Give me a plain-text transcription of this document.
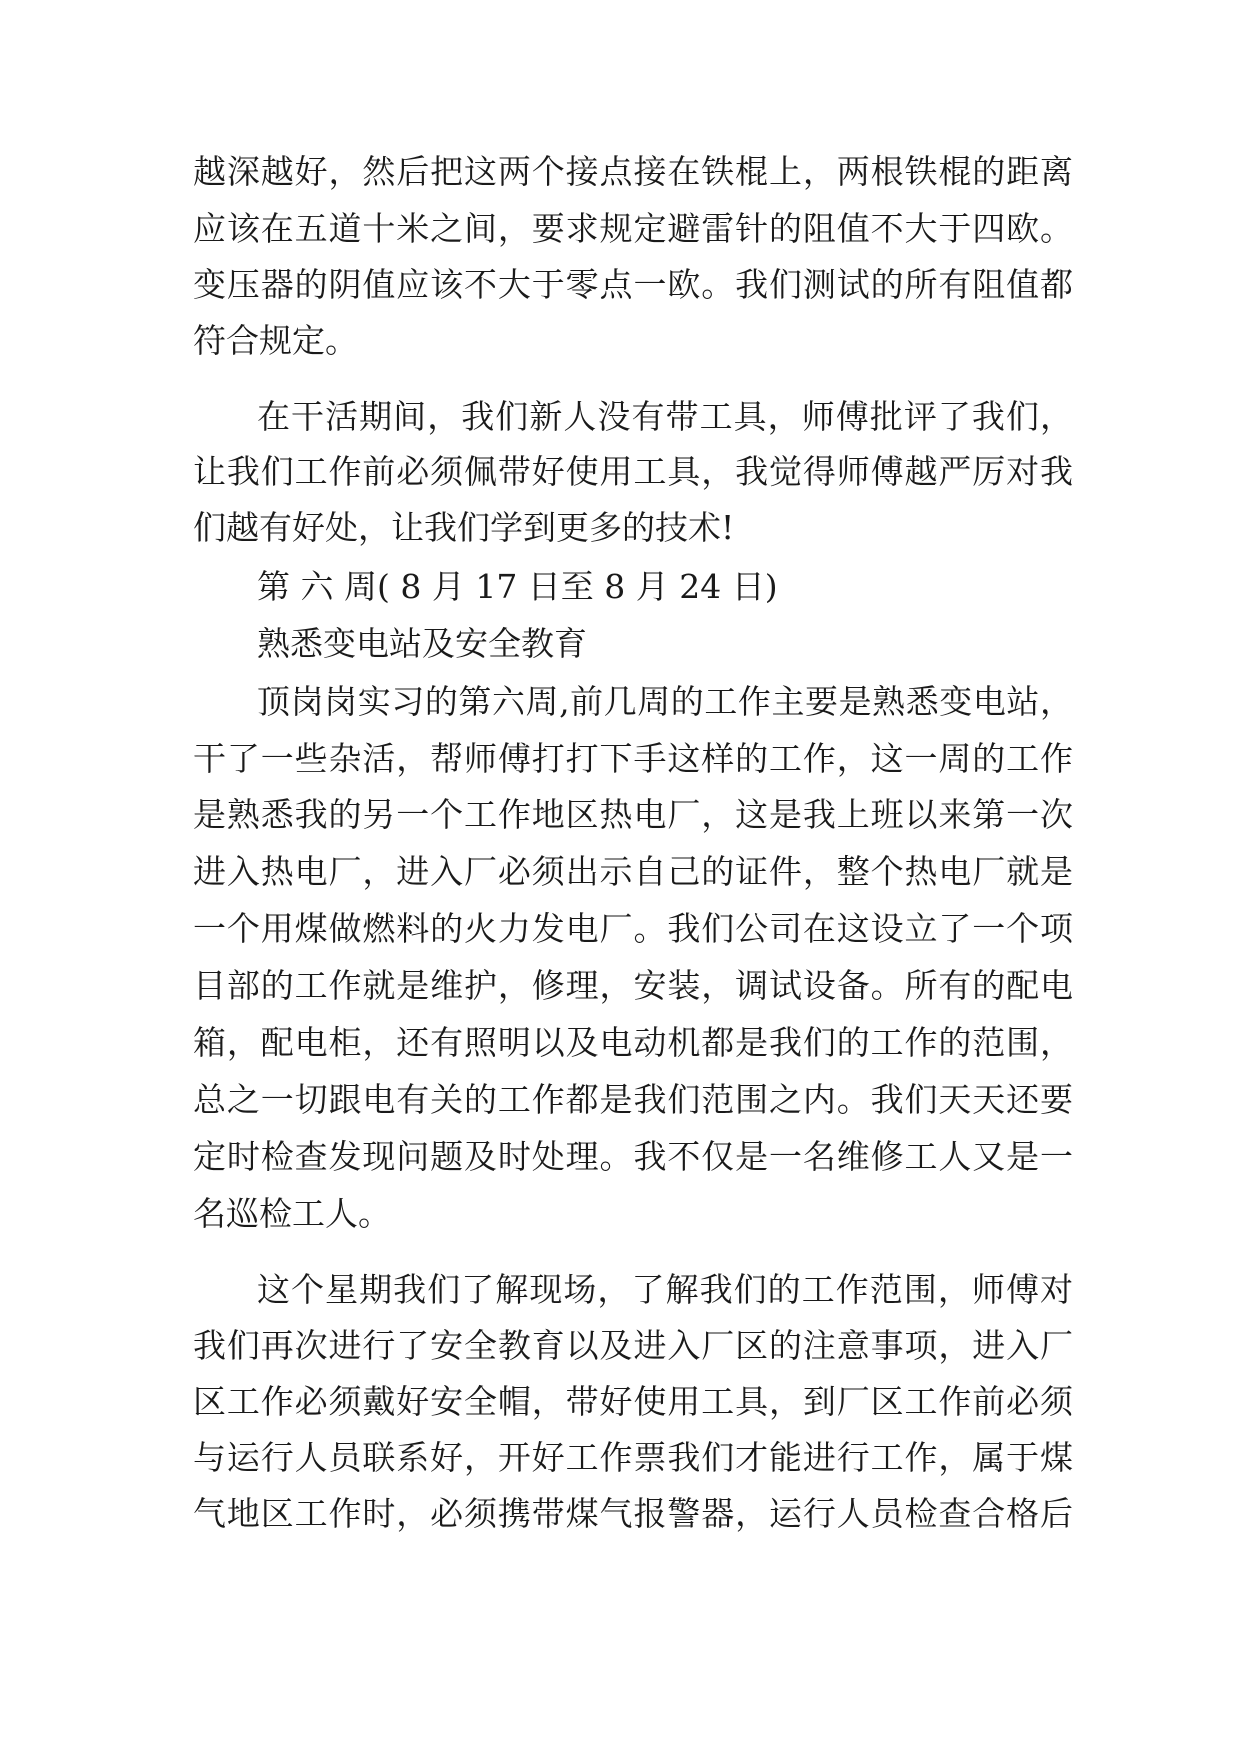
越深越好，然后把这两个接点接在铁棍上，两根铁棍的距离
应该在五道十米之间，要求规定避雷针的阻值不大于四欧。
变压器的阴值应该不大于零点一欧。我们测试的所有阻值都
符合规定。
在干活期间，我们新人没有带工具，师傅批评了我们，
让我们工作前必须佩带好使用工具，我觉得师傅越严厉对我
们越有好处，让我们学到更多的技术!
第 六 周( 8 月 17 日至 8 月 24 日)
熟悉变电站及安全教育
顶岗岗实习的第六周,前几周的工作主要是熟悉变电站，
干了一些杂活，帮师傅打打下手这样的工作，这一周的工作
是熟悉我的另一个工作地区热电厂，这是我上班以来第一次
进入热电厂，进入厂必须出示自己的证件，整个热电厂就是
一个用煤做燃料的火力发电厂。我们公司在这设立了一个项
目部的工作就是维护，修理，安装，调试设备。所有的配电
箱，配电柜，还有照明以及电动机都是我们的工作的范围，
总之一切跟电有关的工作都是我们范围之内。我们天天还要
定时检查发现问题及时处理。我不仅是一名维修工人又是一
名巡检工人。
这个星期我们了解现场，了解我们的工作范围，师傅对
我们再次进行了安全教育以及进入厂区的注意事项，进入厂
区工作必须戴好安全帽，带好使用工具，到厂区工作前必须
与运行人员联系好，开好工作票我们才能进行工作，属于煤
气地区工作时，必须携带煤气报警器，运行人员检查合格后
